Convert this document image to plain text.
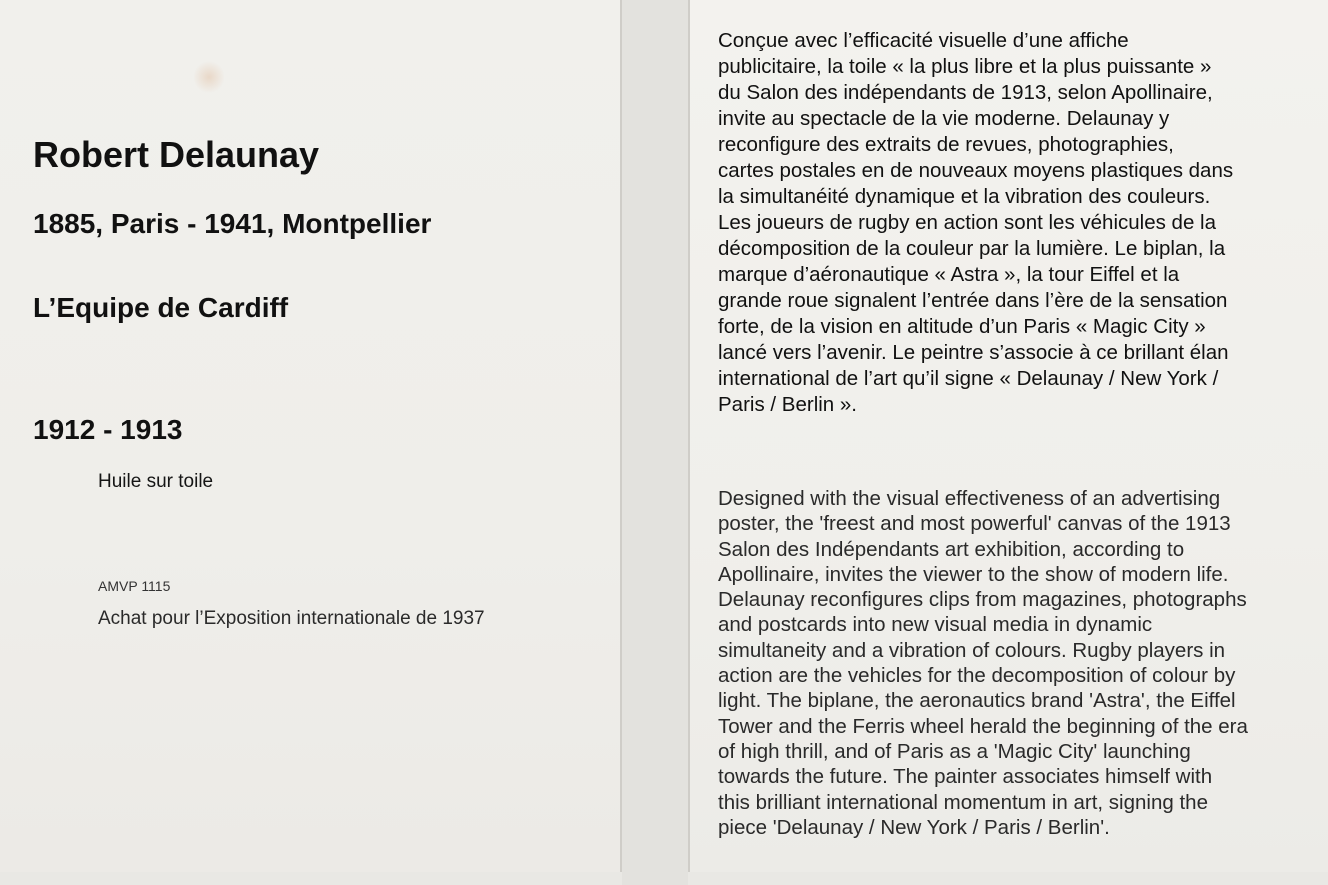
Robert Delaunay
1885, Paris - 1941, Montpellier
L’Equipe de Cardiff
1912 - 1913

Huile sur toile

AMVP 1115

Achat pour l’Exposition internationale de 1937

Conçue avec l’efficacité visuelle d’une affiche
publicitaire, la toile « la plus libre et la plus puissante »
du Salon des indépendants de 1913, selon Apollinaire,
invite au spectacle de la vie moderne. Delaunay y
reconfigure des extraits de revues, photographies,
cartes postales en de nouveaux moyens plastiques dans
la simultanéité dynamique et la vibration des couleurs.
Les joueurs de rugby en action sont les véhicules de la
décomposition de la couleur par la lumière. Le biplan, la
marque d’aéronautique « Astra », la tour Eiffel et la
grande roue signalent l’entrée dans l’ère de la sensation
forte, de la vision en altitude d’un Paris « Magic City »
lancé vers l’avenir. Le peintre s’associe à ce brillant élan
international de l’art qu’il signe « Delaunay / New York /
Paris / Berlin ».

Designed with the visual effectiveness of an advertising
poster, the 'freest and most powerful' canvas of the 1913
Salon des Indépendants art exhibition, according to
Apollinaire, invites the viewer to the show of modern life.
Delaunay reconfigures clips from magazines, photographs
and postcards into new visual media in dynamic
simultaneity and a vibration of colours. Rugby players in
action are the vehicles for the decomposition of colour by
light. The biplane, the aeronautics brand 'Astra', the Eiffel
Tower and the Ferris wheel herald the beginning of the era
of high thrill, and of Paris as a 'Magic City' launching
towards the future. The painter associates himself with
this brilliant international momentum in art, signing the
piece 'Delaunay / New York / Paris / Berlin'.
